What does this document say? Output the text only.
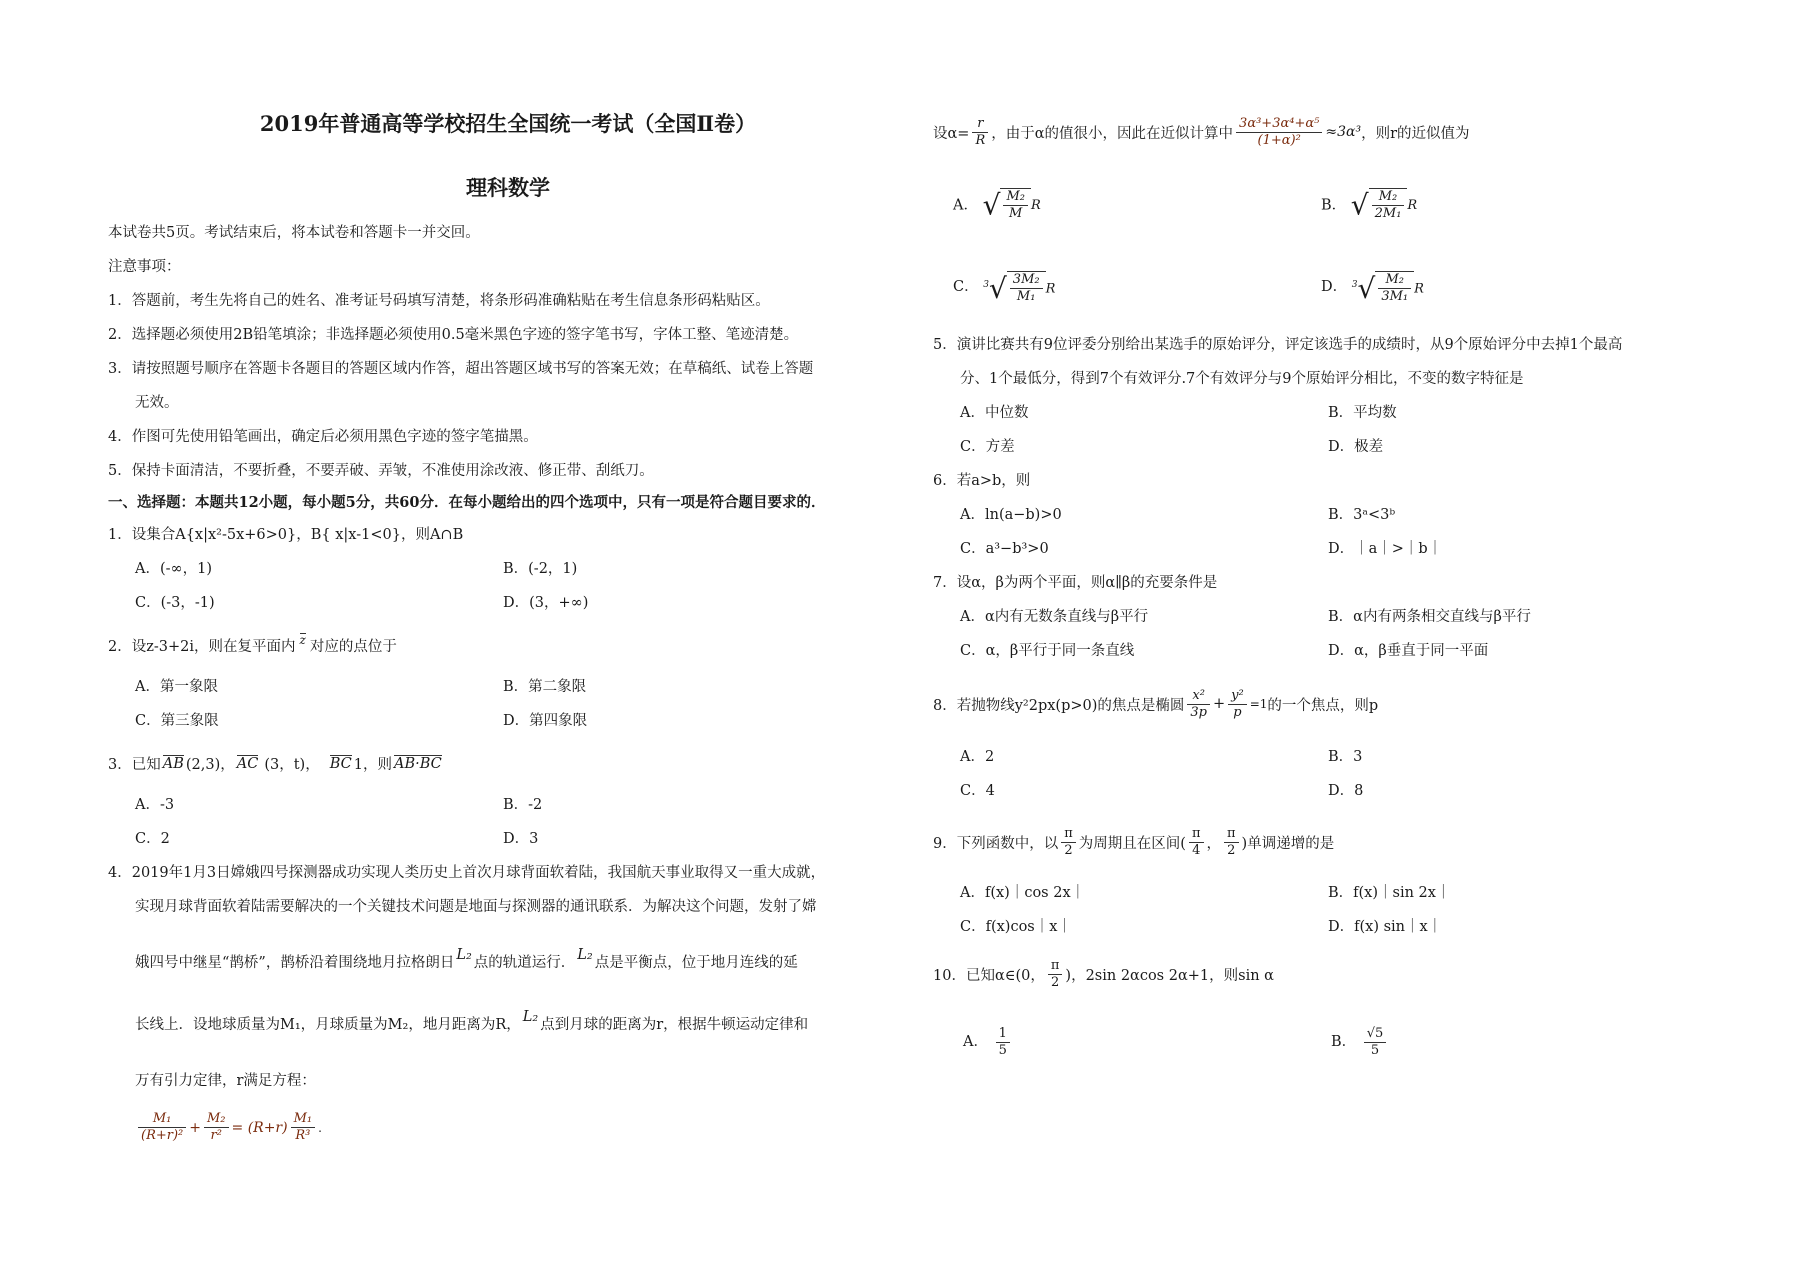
2019年普通高等学校招生全国统一考试（全国Ⅱ卷）
理科数学

本试卷共5页。考试结束后，将本试卷和答题卡一并交回。

注意事项：

1．答题前，考生先将自己的姓名、准考证号码填写清楚，将条形码准确粘贴在考生信息条形码粘贴区。

2．选择题必须使用2B铅笔填涂；非选择题必须使用0.5毫米黑色字迹的签字笔书写，字体工整、笔迹清楚。

3．请按照题号顺序在答题卡各题目的答题区域内作答，超出答题区域书写的答案无效；在草稿纸、试卷上答题

无效。

4．作图可先使用铅笔画出，确定后必须用黑色字迹的签字笔描黑。

5．保持卡面清洁，不要折叠，不要弄破、弄皱，不准使用涂改液、修正带、刮纸刀。

一、选择题：本题共12小题，每小题5分，共60分．在每小题给出的四个选项中，只有一项是符合题目要求的．

1．设集合A{x|x²-5x+6>0}，B{ x|x-1<0}，则A∩B

A．(-∞，1)	B．(-2，1)
C．(-3，-1)	D．(3，+∞)
2．设z-3+2i，则在复平面内 z 对应的点位于
A．第一象限	B．第二象限
C．第三象限	D．第四象限
3．已知 AB (2,3)， AC (3，t)， BC 1，则 AB·BC
A．-3	B．-2
C．2	D．3

4．2019年1月3日嫦娥四号探测器成功实现人类历史上首次月球背面软着陆，我国航天事业取得又一重大成就，

实现月球背面软着陆需要解决的一个关键技术问题是地面与探测器的通讯联系．为解决这个问题，发射了嫦

娥四号中继星“鹊桥”，鹊桥沿着围绕地月拉格朗日 L₂ 点的轨道运行． L₂ 点是平衡点，位于地月连线的延

长线上．设地球质量为M₁，月球质量为M₂，地月距离为R， L₂ 点到月球的距离为r，根据牛顿运动定律和

万有引力定律，r满足方程：

$\frac{\text{M₁}}{\text{(R+r)²}} + \frac{\text{M₂}}{\text{r²}} = (R+r) \frac{\text{M₁}}{\text{R³}}$ .
设$\alpha= \frac{r}{R}$ ，由于α的值很小，因此在近似计算中 $\frac{\text{3α³+3α⁴+α⁵}}{\text{(1+α)²}} \approx 3\alpha^3$ ，则r的近似值为
A． √ $\frac{\text{M₂}}{M}$ R	B． √ $\frac{\text{M₂}}{\text{2M₁}}$ R
C． $^3√ \frac{\text{3M₂}}{\text{M₁}}$ R	D． $^3√ \frac{\text{M₂}}{\text{3M₁}}$ R

5．演讲比赛共有9位评委分别给出某选手的原始评分，评定该选手的成绩时，从9个原始评分中去掉1个最高

分、1个最低分，得到7个有效评分.7个有效评分与9个原始评分相比，不变的数字特征是

A．中位数	B．平均数
C．方差	D．极差

6．若a>b，则

A．ln(a−b)>0	B．3ᵃ<3ᵇ
C．a³−b³>0	D．｜a｜>｜b｜

7．设α，β为两个平面，则α∥β的充要条件是

A．α内有无数条直线与β平行	B．α内有两条相交直线与β平行
C．α，β平行于同一条直线	D．α，β垂直于同一平面
8．若抛物线y²2px(p>0)的焦点是椭圆 $\frac{\text{x²}}{3p} + \frac{\text{y²}}{p} =1$ 的一个焦点，则p
A．2	B．3
C．4	D．8
9．下列函数中，以 $\frac{\pi}{2}$ 为周期且在区间( $\frac{\pi}{4}$ ， $\frac{\pi}{2}$ )单调递增的是
A．f(x)｜cos 2x｜	B．f(x)｜sin 2x｜
C．f(x)cos｜x｜	D．f(x) sin｜x｜
10．已知α∈(0， $\frac{\pi}{2}$ )，2sin 2αcos 2α+1，则sin α
A． $\frac{1}{5}$	B． $\frac{√5}{5}$
